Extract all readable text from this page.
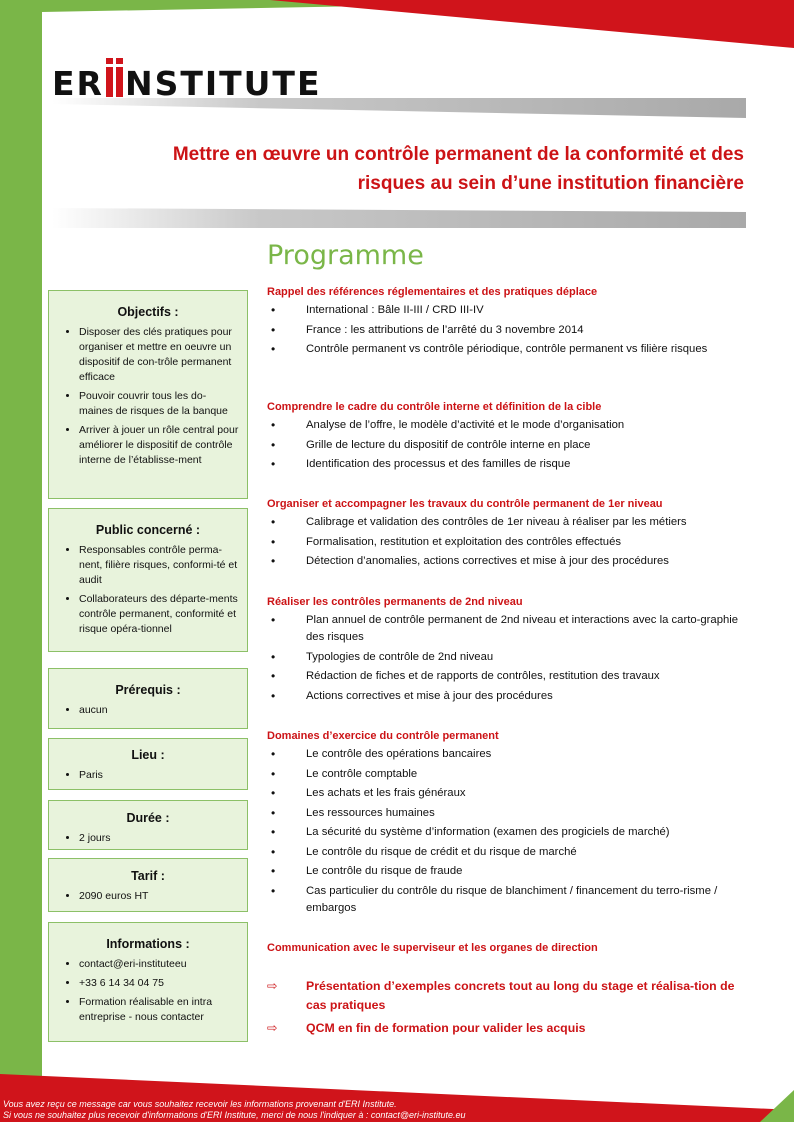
ER NSTITUTE
Mettre en œuvre un contrôle permanent de la conformité et des
risques au sein d’une institution financière
Programme
Objectifs :
• Disposer des clés pratiques pour organiser et mettre en oeuvre un dispositif de con-trôle permanent efficace
• Pouvoir couvrir tous les do-maines de risques de la banque
• Arriver à jouer un rôle central pour améliorer le dispositif de contrôle interne de l’établisse-ment
Public concerné :
• Responsables contrôle perma-nent, filière risques, conformi-té et audit
• Collaborateurs des départe-ments contrôle permanent, conformité et risque opéra-tionnel
Prérequis :
• aucun
Lieu :
• Paris
Durée :
• 2 jours
Tarif :
• 2090 euros HT
Informations :
• contact@eri-instituteeu
• +33 6 14 34 04 75
• Formation réalisable en intra entreprise - nous contacter
Rappel des références réglementaires et des pratiques déplace
• International : Bâle II-III / CRD III-IV
• France : les attributions de l’arrêté du 3 novembre 2014
• Contrôle permanent vs contrôle périodique, contrôle permanent vs filière risques
Comprendre le cadre du contrôle interne et définition de la cible
• Analyse de l’offre, le modèle d’activité et le mode d’organisation
• Grille de lecture du dispositif de contrôle interne en place
• Identification des processus et des familles de risque
Organiser et accompagner les travaux du contrôle permanent de 1er niveau
• Calibrage et validation des contrôles de 1er niveau à réaliser par les métiers
• Formalisation, restitution et exploitation des contrôles effectués
• Détection d’anomalies, actions correctives et mise à jour des procédures
Réaliser les contrôles permanents de 2nd niveau
• Plan annuel de contrôle permanent de 2nd niveau et interactions avec la carto-graphie des risques
• Typologies de contrôle de 2nd niveau
• Rédaction de fiches et de rapports de contrôles, restitution des travaux
• Actions correctives et mise à jour des procédures
Domaines d’exercice du contrôle permanent
• Le contrôle des opérations bancaires
• Le contrôle comptable
• Les achats et les frais généraux
• Les ressources humaines
• La sécurité du système d’information (examen des progiciels de marché)
• Le contrôle du risque de crédit et du risque de marché
• Le contrôle du risque de fraude
• Cas particulier du contrôle du risque de blanchiment / financement du terro-risme / embargos
Communication avec le superviseur et les organes de direction
⇨ Présentation d’exemples concrets tout au long du stage et réalisa-tion de cas pratiques
⇨ QCM en fin de formation pour valider les acquis
Vous avez reçu ce message car vous souhaitez recevoir les informations provenant d'ERI Institute.
Si vous ne souhaitez plus recevoir d'informations d'ERI Institute, merci de nous l'indiquer à : contact@eri-institute.eu
